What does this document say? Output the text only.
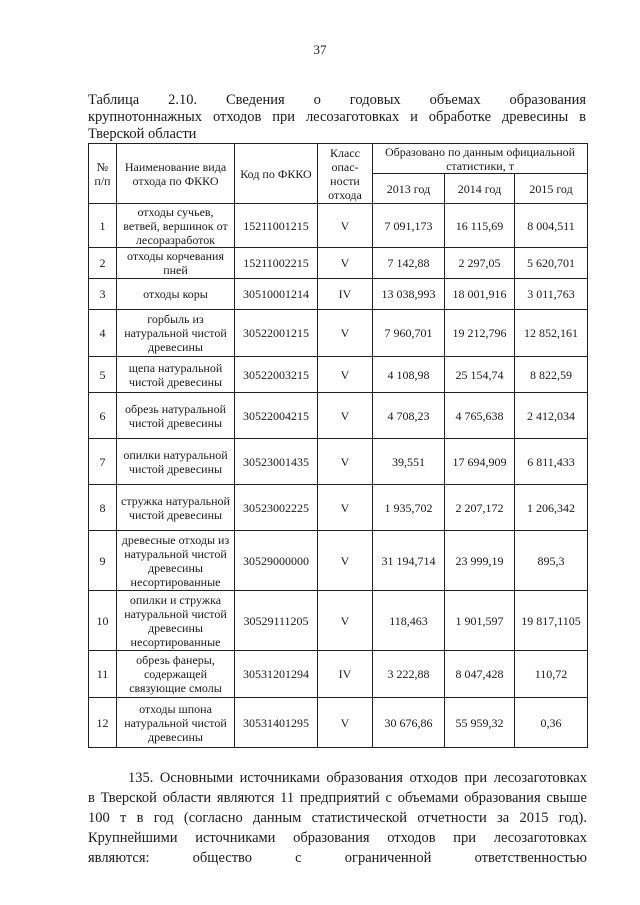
37
Таблица 2.10. Сведения о годовых объемах образования
крупнотоннажных отходов при лесозаготовках и обработке древесины в
Тверской области
№ п/п	Наименование вида отхода по ФККО	Код по ФККО	Класс опас-ности отхода	Образовано по данным официальной статистики, т		
				2013 год	2014 год	2015 год
1	отходы сучьев, ветвей, вершинок от лесоразработок	15211001215	V	7 091,173	16 115,69	8 004,511
2	отходы корчевания пней	15211002215	V	7 142,88	2 297,05	5 620,701
3	отходы коры	30510001214	IV	13 038,993	18 001,916	3 011,763
4	горбыль из натуральной чистой древесины	30522001215	V	7 960,701	19 212,796	12 852,161
5	щепа натуральной чистой древесины	30522003215	V	4 108,98	25 154,74	8 822,59
6	обрезь натуральной чистой древесины	30522004215	V	4 708,23	4 765,638	2 412,034
7	опилки натуральной чистой древесины	30523001435	V	39,551	17 694,909	6 811,433
8	стружка натуральной чистой древесины	30523002225	V	1 935,702	2 207,172	1 206,342
9	древесные отходы из натуральной чистой древесины несортированные	30529000000	V	31 194,714	23 999,19	895,3
10	опилки и стружка натуральной чистой древесины несортированные	30529111205	V	118,463	1 901,597	19 817,1105
11	обрезь фанеры, содержащей связующие смолы	30531201294	IV	3 222,88	8 047,428	110,72
12	отходы шпона натуральной чистой древесины	30531401295	V	30 676,86	55 959,32	0,36
135. Основными источниками образования отходов при лесозаготовках
в Тверской области являются 11 предприятий с объемами образования свыше
100 т в год (согласно данным статистической отчетности за 2015 год).
Крупнейшими источниками образования отходов при лесозаготовках
являются: общество с ограниченной ответственностью
